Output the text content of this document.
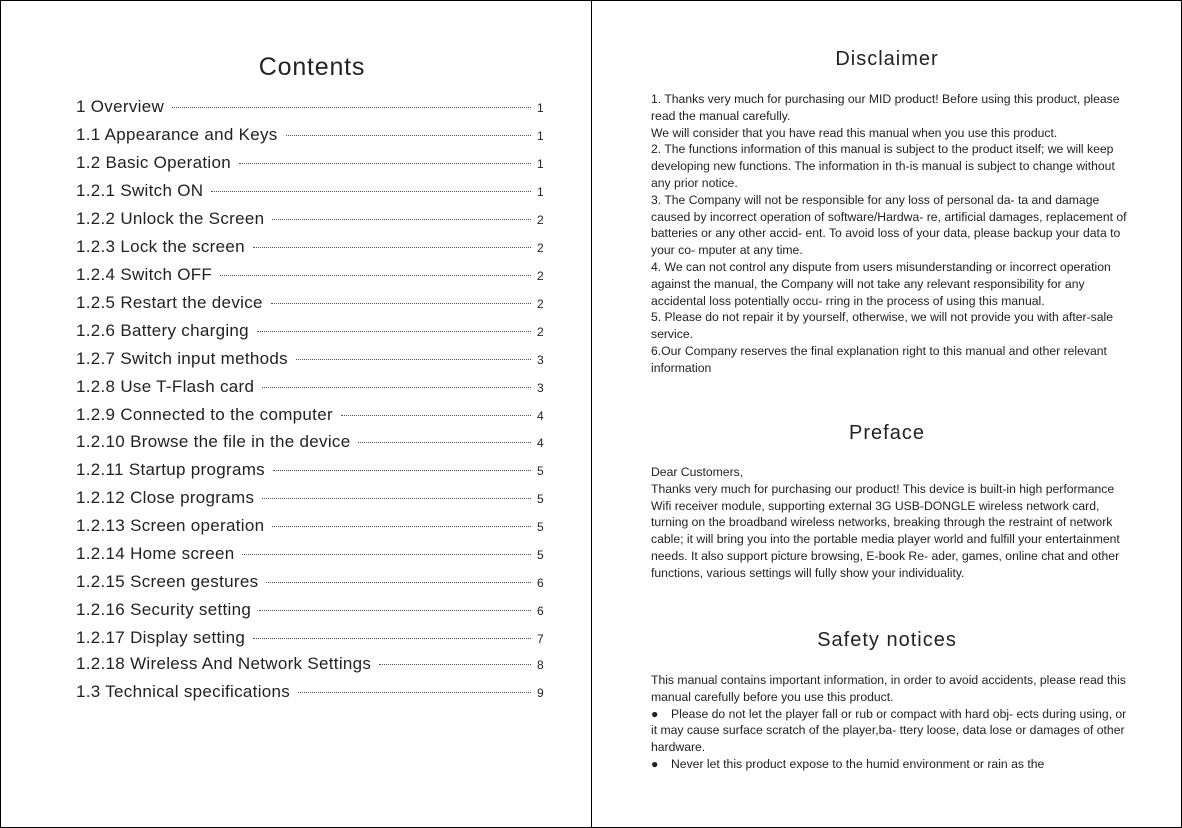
Contents
1 Overview	1
1.1 Appearance and Keys	1
1.2 Basic Operation	1
1.2.1 Switch ON	1
1.2.2 Unlock the Screen	2
1.2.3 Lock the screen	2
1.2.4 Switch OFF	2
1.2.5 Restart the device	2
1.2.6 Battery charging	2
1.2.7 Switch input methods	3
1.2.8 Use T-Flash card	3
1.2.9 Connected to the computer	4
1.2.10 Browse the file in the device	4
1.2.11 Startup programs	5
1.2.12 Close programs	5
1.2.13 Screen operation	5
1.2.14 Home screen	5
1.2.15 Screen gestures	6
1.2.16 Security setting	6
1.2.17 Display setting	7
1.2.18 Wireless And Network Settings	8
1.3 Technical specifications	9
Disclaimer

1. Thanks very much for purchasing our MID product! Before using this product, please read the manual carefully.

We will consider that you have read this manual when you use this product.

2. The functions information of this manual is subject to the product itself; we will keep developing new functions. The information in th-is manual is subject to change without any prior notice.

3. The Company will not be responsible for any loss of personal da- ta and damage caused by incorrect operation of software/Hardwa- re, artificial damages, replacement of batteries or any other accid- ent. To avoid loss of your data, please backup your data to your co- mputer at any time.

4. We can not control any dispute from users misunderstanding or incorrect operation against the manual, the Company will not take any relevant responsibility for any accidental loss potentially occu- rring in the process of using this manual.

5. Please do not repair it by yourself, otherwise, we will not provide you with after-sale service.

6.Our Company reserves the final explanation right to this manual and other relevant information

Preface

Dear Customers,

Thanks very much for purchasing our product! This device is built-in high performance Wifi receiver module, supporting external 3G USB-DONGLE wireless network card, turning on the broadband wireless networks, breaking through the restraint of network cable; it will bring you into the portable media player world and fulfill your entertainment needs. It also support picture browsing, E-book Re- ader, games, online chat and other functions, various settings will fully show your individuality.

Safety notices

This manual contains important information, in order to avoid accidents, please read this manual carefully before you use this product.

● Please do not let the player fall or rub or compact with hard obj- ects during using, or it may cause surface scratch of the player,ba- ttery loose, data lose or damages of other hardware.

● Never let this product expose to the humid environment or rain as the
